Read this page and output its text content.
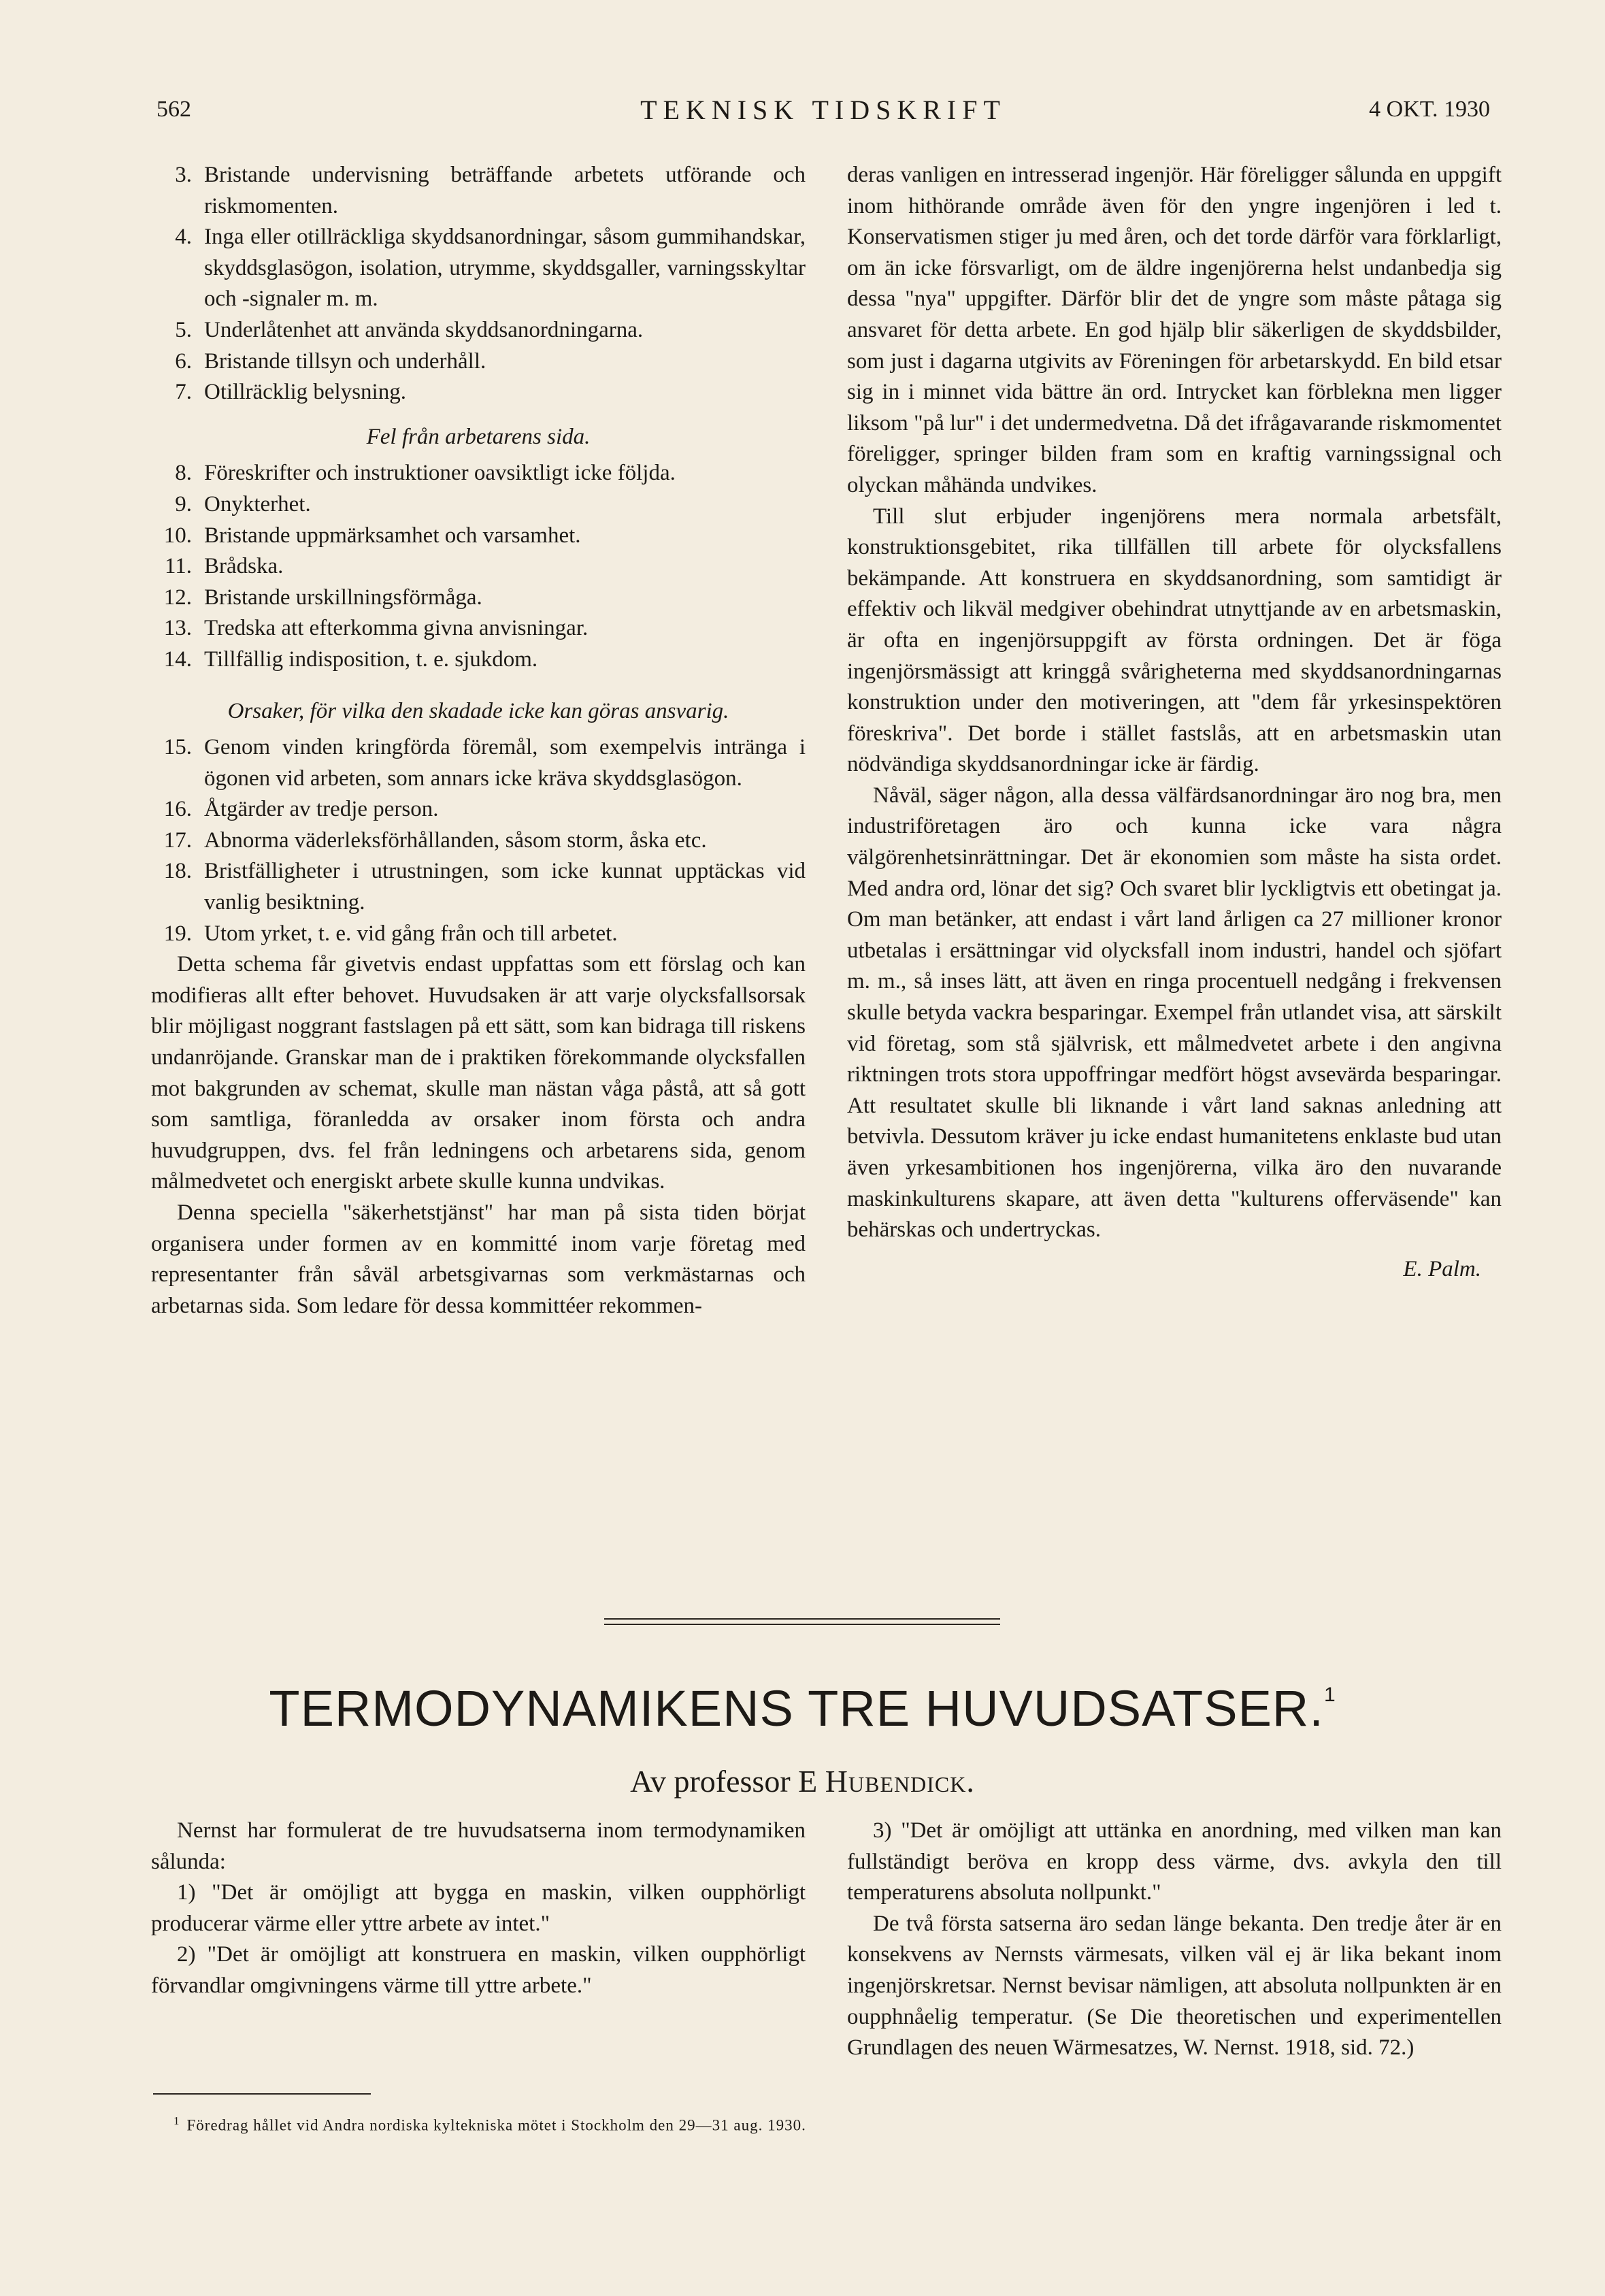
562	TEKNISK TIDSKRIFT	4 OKT. 1930
3. Bristande undervisning beträffande arbetets utförande och riskmomenten.
4. Inga eller otillräckliga skyddsanordningar, såsom gummihandskar, skyddsglasögon, isolation, utrymme, skyddsgaller, varningsskyltar och -signaler m. m.
5. Underlåtenhet att använda skyddsanordningarna.
6. Bristande tillsyn och underhåll.
7. Otillräcklig belysning.
Fel från arbetarens sida.
8. Föreskrifter och instruktioner oavsiktligt icke följda.
9. Onykterhet.
10. Bristande uppmärksamhet och varsamhet.
11. Brådska.
12. Bristande urskillningsförmåga.
13. Tredska att efterkomma givna anvisningar.
14. Tillfällig indisposition, t. e. sjukdom.
Orsaker, för vilka den skadade icke kan göras ansvarig.
15. Genom vinden kringförda föremål, som exempelvis inträngа i ögonen vid arbeten, som annars icke kräva skyddsglasögon.
16. Åtgärder av tredje person.
17. Abnorma väderleksförhållanden, såsom storm, åska etc.
18. Bristfälligheter i utrustningen, som icke kunnat upptäckas vid vanlig besiktning.
19. Utom yrket, t. e. vid gång från och till arbetet.

Detta schema får givetvis endast uppfattas som ett förslag och kan modifieras allt efter behovet. Huvudsaken är att varje olycksfallsorsak blir möjligast noggrant fastslagen på ett sätt, som kan bidraga till riskens undanröjande. Granskar man de i praktiken förekommande olycksfallen mot bakgrunden av schemat, skulle man nästan våga påstå, att så gott som samtliga, föranledda av orsaker inom första och andra huvudgruppen, dvs. fel från ledningens och arbetarens sida, genom målmedvetet och energiskt arbete skulle kunna undvikas.

Denna speciella "säkerhetstjänst" har man på sista tiden börjat organisera under formen av en kommitté inom varje företag med representanter från såväl arbetsgivarnas som verkmästarnas och arbetarnas sida. Som ledare för dessa kommittéer rekommen-

deras vanligen en intresserad ingenjör. Här föreligger sålunda en uppgift inom hithörande område även för den yngre ingenjören i led t. Konservatismen stiger ju med åren, och det torde därför vara förklarligt, om än icke försvarligt, om de äldre ingenjörerna helst undanbedja sig dessa "nya" uppgifter. Därför blir det de yngre som måste påtaga sig ansvaret för detta arbete. En god hjälp blir säkerligen de skyddsbilder, som just i dagarna utgivits av Föreningen för arbetarskydd. En bild etsar sig in i minnet vida bättre än ord. Intrycket kan förblekna men ligger liksom "på lur" i det undermedvetna. Då det ifrågavarande riskmomentet föreligger, springer bilden fram som en kraftig varningssignal och olyckan måhända undvikes.

Till slut erbjuder ingenjörens mera normala arbetsfält, konstruktionsgebitet, rika tillfällen till arbete för olycksfallens bekämpande. Att konstruera en skyddsanordning, som samtidigt är effektiv och likväl medgiver obehindrat utnyttjande av en arbetsmaskin, är ofta en ingenjörsuppgift av första ordningen. Det är föga ingenjörsmässigt att kringgå svårigheterna med skyddsanordningarnas konstruktion under den motiveringen, att "dem får yrkesinspektören föreskriva". Det borde i stället fastslås, att en arbetsmaskin utan nödvändiga skyddsanordningar icke är färdig.

Nåväl, säger någon, alla dessa välfärdsanordningar äro nog bra, men industriföretagen äro och kunna icke vara några välgörenhetsinrättningar. Det är ekonomien som måste ha sista ordet. Med andra ord, lönar det sig? Och svaret blir lyckligtvis ett obetingat ja. Om man betänker, att endast i vårt land årligen ca 27 millioner kronor utbetalas i ersättningar vid olycksfall inom industri, handel och sjöfart m. m., så inses lätt, att även en ringa procentuell nedgång i frekvensen skulle betyda vackra besparingar. Exempel från utlandet visa, att särskilt vid företag, som stå självrisk, ett målmedvetet arbete i den angivna riktningen trots stora uppoffringar medfört högst avsevärda besparingar. Att resultatet skulle bli liknande i vårt land saknas anledning att betvivla. Dessutom kräver ju icke endast humanitetens enklaste bud utan även yrkesambitionen hos ingenjörerna, vilka äro den nuvarande maskinkulturens skapare, att även detta "kulturens offerväsende" kan behärskas och undertryckas.

E. Palm.
TERMODYNAMIKENS TRE HUVUDSATSER.$^1$
Av professor E Hubendick.

Nernst har formulerat de tre huvudsatserna inom termodynamiken sålunda:

1) "Det är omöjligt att bygga en maskin, vilken oupphörligt producerar värme eller yttre arbete av intet."

2) "Det är omöjligt att konstruera en maskin, vilken oupphörligt förvandlar omgivningens värme till yttre arbete."

3) "Det är omöjligt att uttänka en anordning, med vilken man kan fullständigt beröva en kropp dess värme, dvs. avkyla den till temperaturens absoluta nollpunkt."

De två första satserna äro sedan länge bekanta. Den tredje åter är en konsekvens av Nernsts värmesats, vilken väl ej är lika bekant inom ingenjörskretsar. Nernst bevisar nämligen, att absoluta nollpunkten är en oupphnåelig temperatur. (Se Die theoretischen und experimentellen Grundlagen des neuen Wärmesatzes, W. Nernst. 1918, sid. 72.)

$^1$ Föredrag hållet vid Andra nordiska kyltekniska mötet i Stockholm den 29—31 aug. 1930.
